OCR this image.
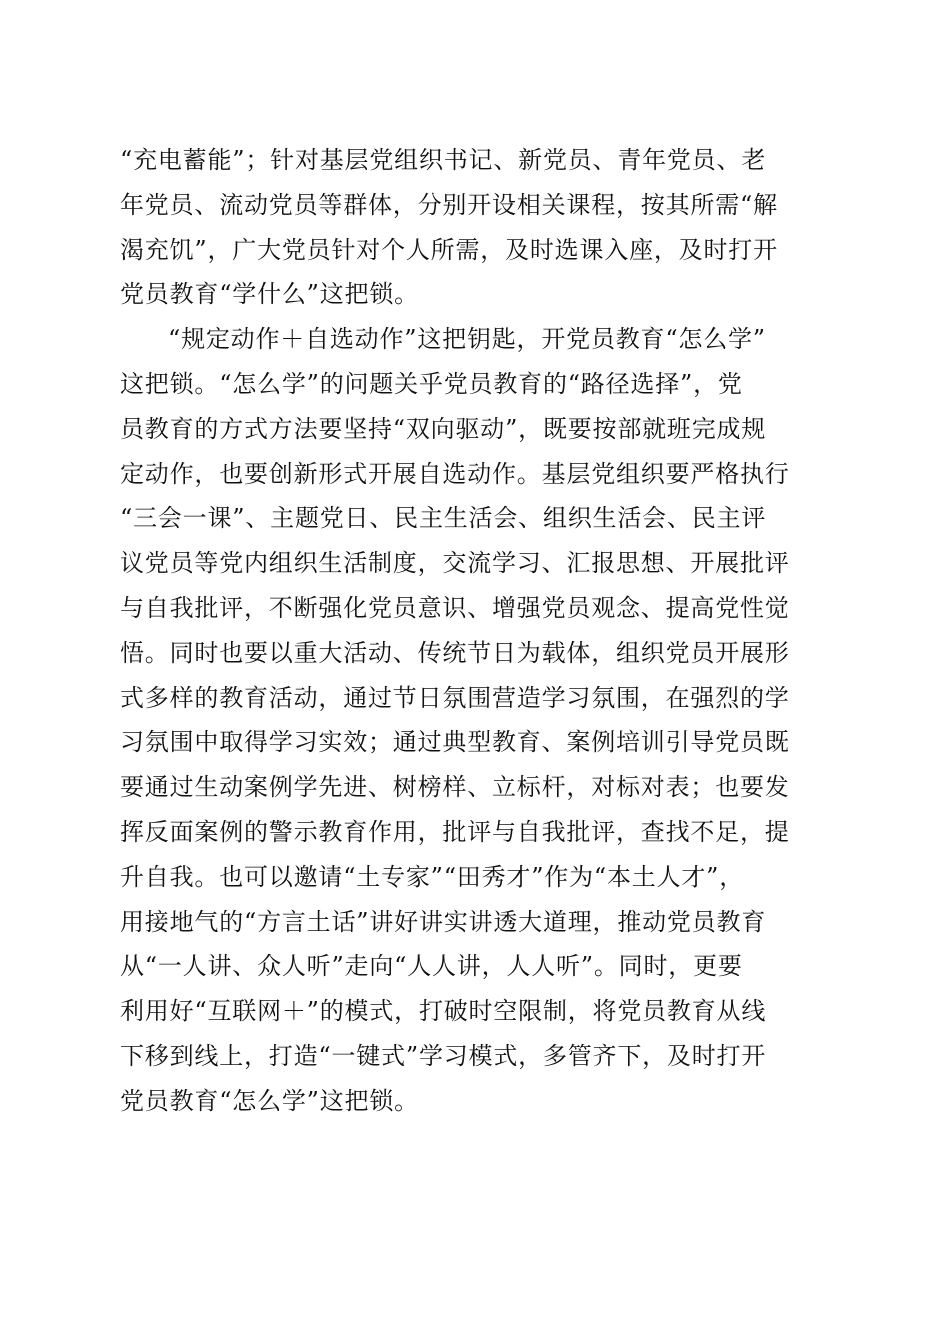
“充电蓄能”；针对基层党组织书记、新党员、青年党员、老
年党员、流动党员等群体，分别开设相关课程，按其所需“解
渴充饥”，广大党员针对个人所需，及时选课入座，及时打开
党员教育“学什么”这把锁。
“规定动作＋自选动作”这把钥匙，开党员教育“怎么学”
这把锁。“怎么学”的问题关乎党员教育的“路径选择”，党
员教育的方式方法要坚持“双向驱动”，既要按部就班完成规
定动作，也要创新形式开展自选动作。基层党组织要严格执行
“三会一课”、主题党日、民主生活会、组织生活会、民主评
议党员等党内组织生活制度，交流学习、汇报思想、开展批评
与自我批评，不断强化党员意识、增强党员观念、提高党性觉
悟。同时也要以重大活动、传统节日为载体，组织党员开展形
式多样的教育活动，通过节日氛围营造学习氛围，在强烈的学
习氛围中取得学习实效；通过典型教育、案例培训引导党员既
要通过生动案例学先进、树榜样、立标杆，对标对表；也要发
挥反面案例的警示教育作用，批评与自我批评，查找不足，提
升自我。也可以邀请“土专家”“田秀才”作为“本土人才”，
用接地气的“方言土话”讲好讲实讲透大道理，推动党员教育
从“一人讲、众人听”走向“人人讲，人人听”。同时，更要
利用好“互联网＋”的模式，打破时空限制，将党员教育从线
下移到线上，打造“一键式”学习模式，多管齐下，及时打开
党员教育“怎么学”这把锁。
